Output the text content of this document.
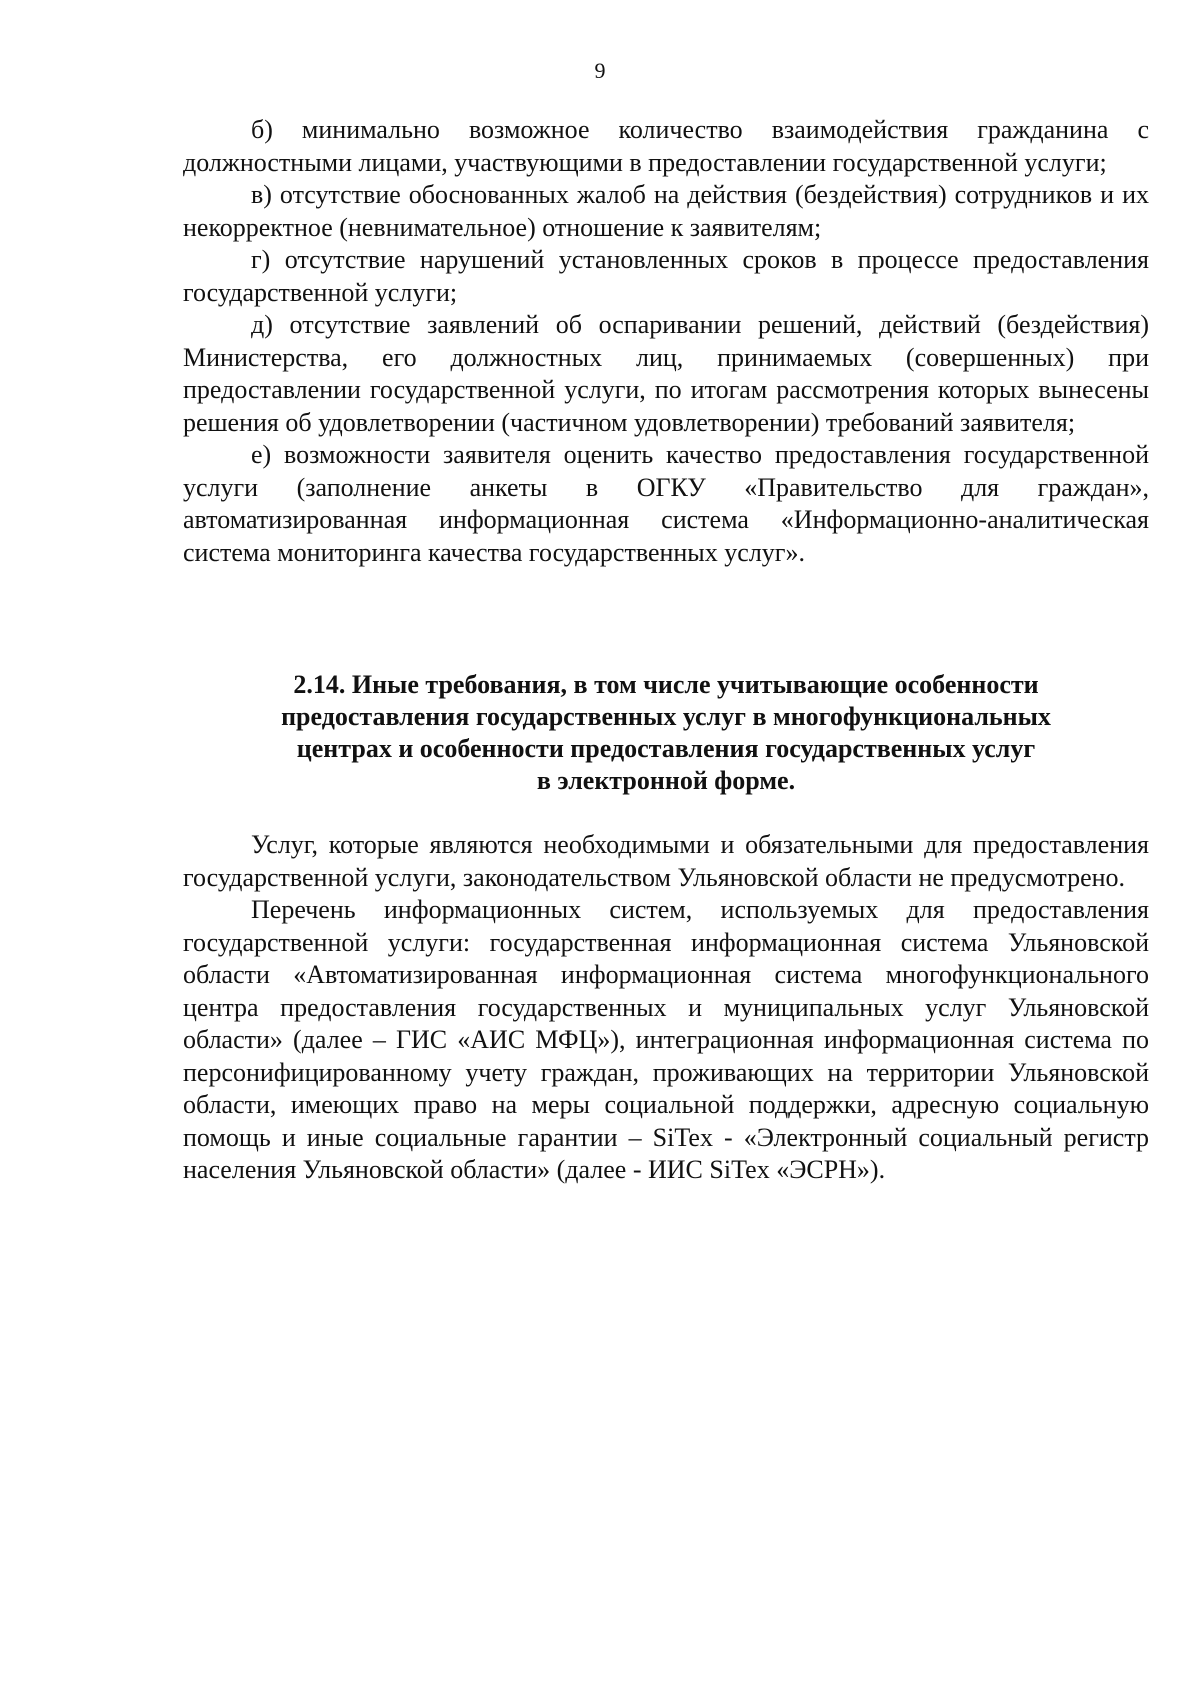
9

б) минимально возможное количество взаимодействия гражданина с должностными лицами, участвующими в предоставлении государственной услуги;

в) отсутствие обоснованных жалоб на действия (бездействия) сотрудников и их некорректное (невнимательное) отношение к заявителям;

г) отсутствие нарушений установленных сроков в процессе предоставления государственной услуги;

д) отсутствие заявлений об оспаривании решений, действий (бездействия) Министерства, его должностных лиц, принимаемых (совершенных) при предоставлении государственной услуги, по итогам рассмотрения которых вынесены решения об удовлетворении (частичном удовлетворении) требований заявителя;

е) возможности заявителя оценить качество предоставления государственной услуги (заполнение анкеты в ОГКУ «Правительство для граждан», автоматизированная информационная система «Информационно-аналитическая система мониторинга качества государственных услуг».

2.14. Иные требования, в том числе учитывающие особенности
предоставления государственных услуг в многофункциональных
центрах и особенности предоставления государственных услуг
в электронной форме.

Услуг, которые являются необходимыми и обязательными для предоставления государственной услуги, законодательством Ульяновской области не предусмотрено.

Перечень информационных систем, используемых для предоставления государственной услуги: государственная информационная система Ульяновской области «Автоматизированная информационная система многофункционального центра предоставления государственных и муниципальных услуг Ульяновской области» (далее – ГИС «АИС МФЦ»), интеграционная информационная система по персонифицированному учету граждан, проживающих на территории Ульяновской области, имеющих право на меры социальной поддержки, адресную социальную помощь и иные социальные гарантии – SiTex - «Электронный социальный регистр населения Ульяновской области» (далее - ИИС SiTex «ЭСРН»).
